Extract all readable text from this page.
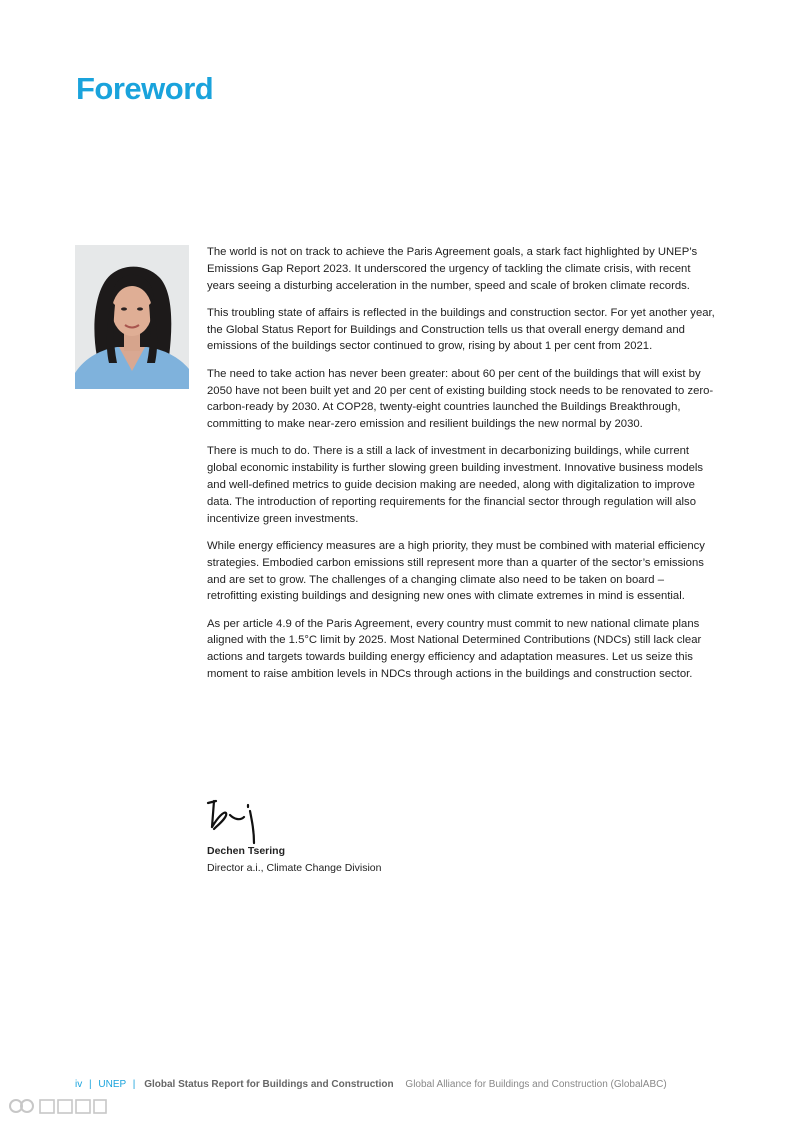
Foreword

The world is not on track to achieve the Paris Agreement goals, a stark fact highlighted by UNEP’s Emissions Gap Report 2023. It underscored the urgency of tackling the climate crisis, with recent years seeing a disturbing acceleration in the number, speed and scale of broken climate records.

This troubling state of affairs is reflected in the buildings and construction sector. For yet another year, the Global Status Report for Buildings and Construction tells us that overall energy demand and emissions of the buildings sector continued to grow, rising by about 1 per cent from 2021.

The need to take action has never been greater: about 60 per cent of the buildings that will exist by 2050 have not been built yet and 20 per cent of existing building stock needs to be renovated to zero-carbon-ready by 2030. At COP28, twenty-eight countries launched the Buildings Breakthrough, committing to make near-zero emission and resilient buildings the new normal by 2030.

There is much to do. There is a still a lack of investment in decarbonizing buildings, while current global economic instability is further slowing green building investment. Innovative business models and well-defined metrics to guide decision making are needed, along with digitalization to improve data. The introduction of reporting requirements for the financial sector through regulation will also incentivize green investments.

While energy efficiency measures are a high priority, they must be combined with material efficiency strategies. Embodied carbon emissions still represent more than a quarter of the sector’s emissions and are set to grow. The challenges of a changing climate also need to be taken on board – retrofitting existing buildings and designing new ones with climate extremes in mind is essential.

As per article 4.9 of the Paris Agreement, every country must commit to new national climate plans aligned with the 1.5°C limit by 2025. Most National Determined Contributions (NDCs) still lack clear actions and targets towards building energy efficiency and adaptation measures. Let us seize this moment to raise ambition levels in NDCs through actions in the buildings and construction sector.

Dechen Tsering
Director a.i., Climate Change Division
iv | UNEP | Global Status Report for Buildings and Construction Global Alliance for Buildings and Construction (GlobalABC)
